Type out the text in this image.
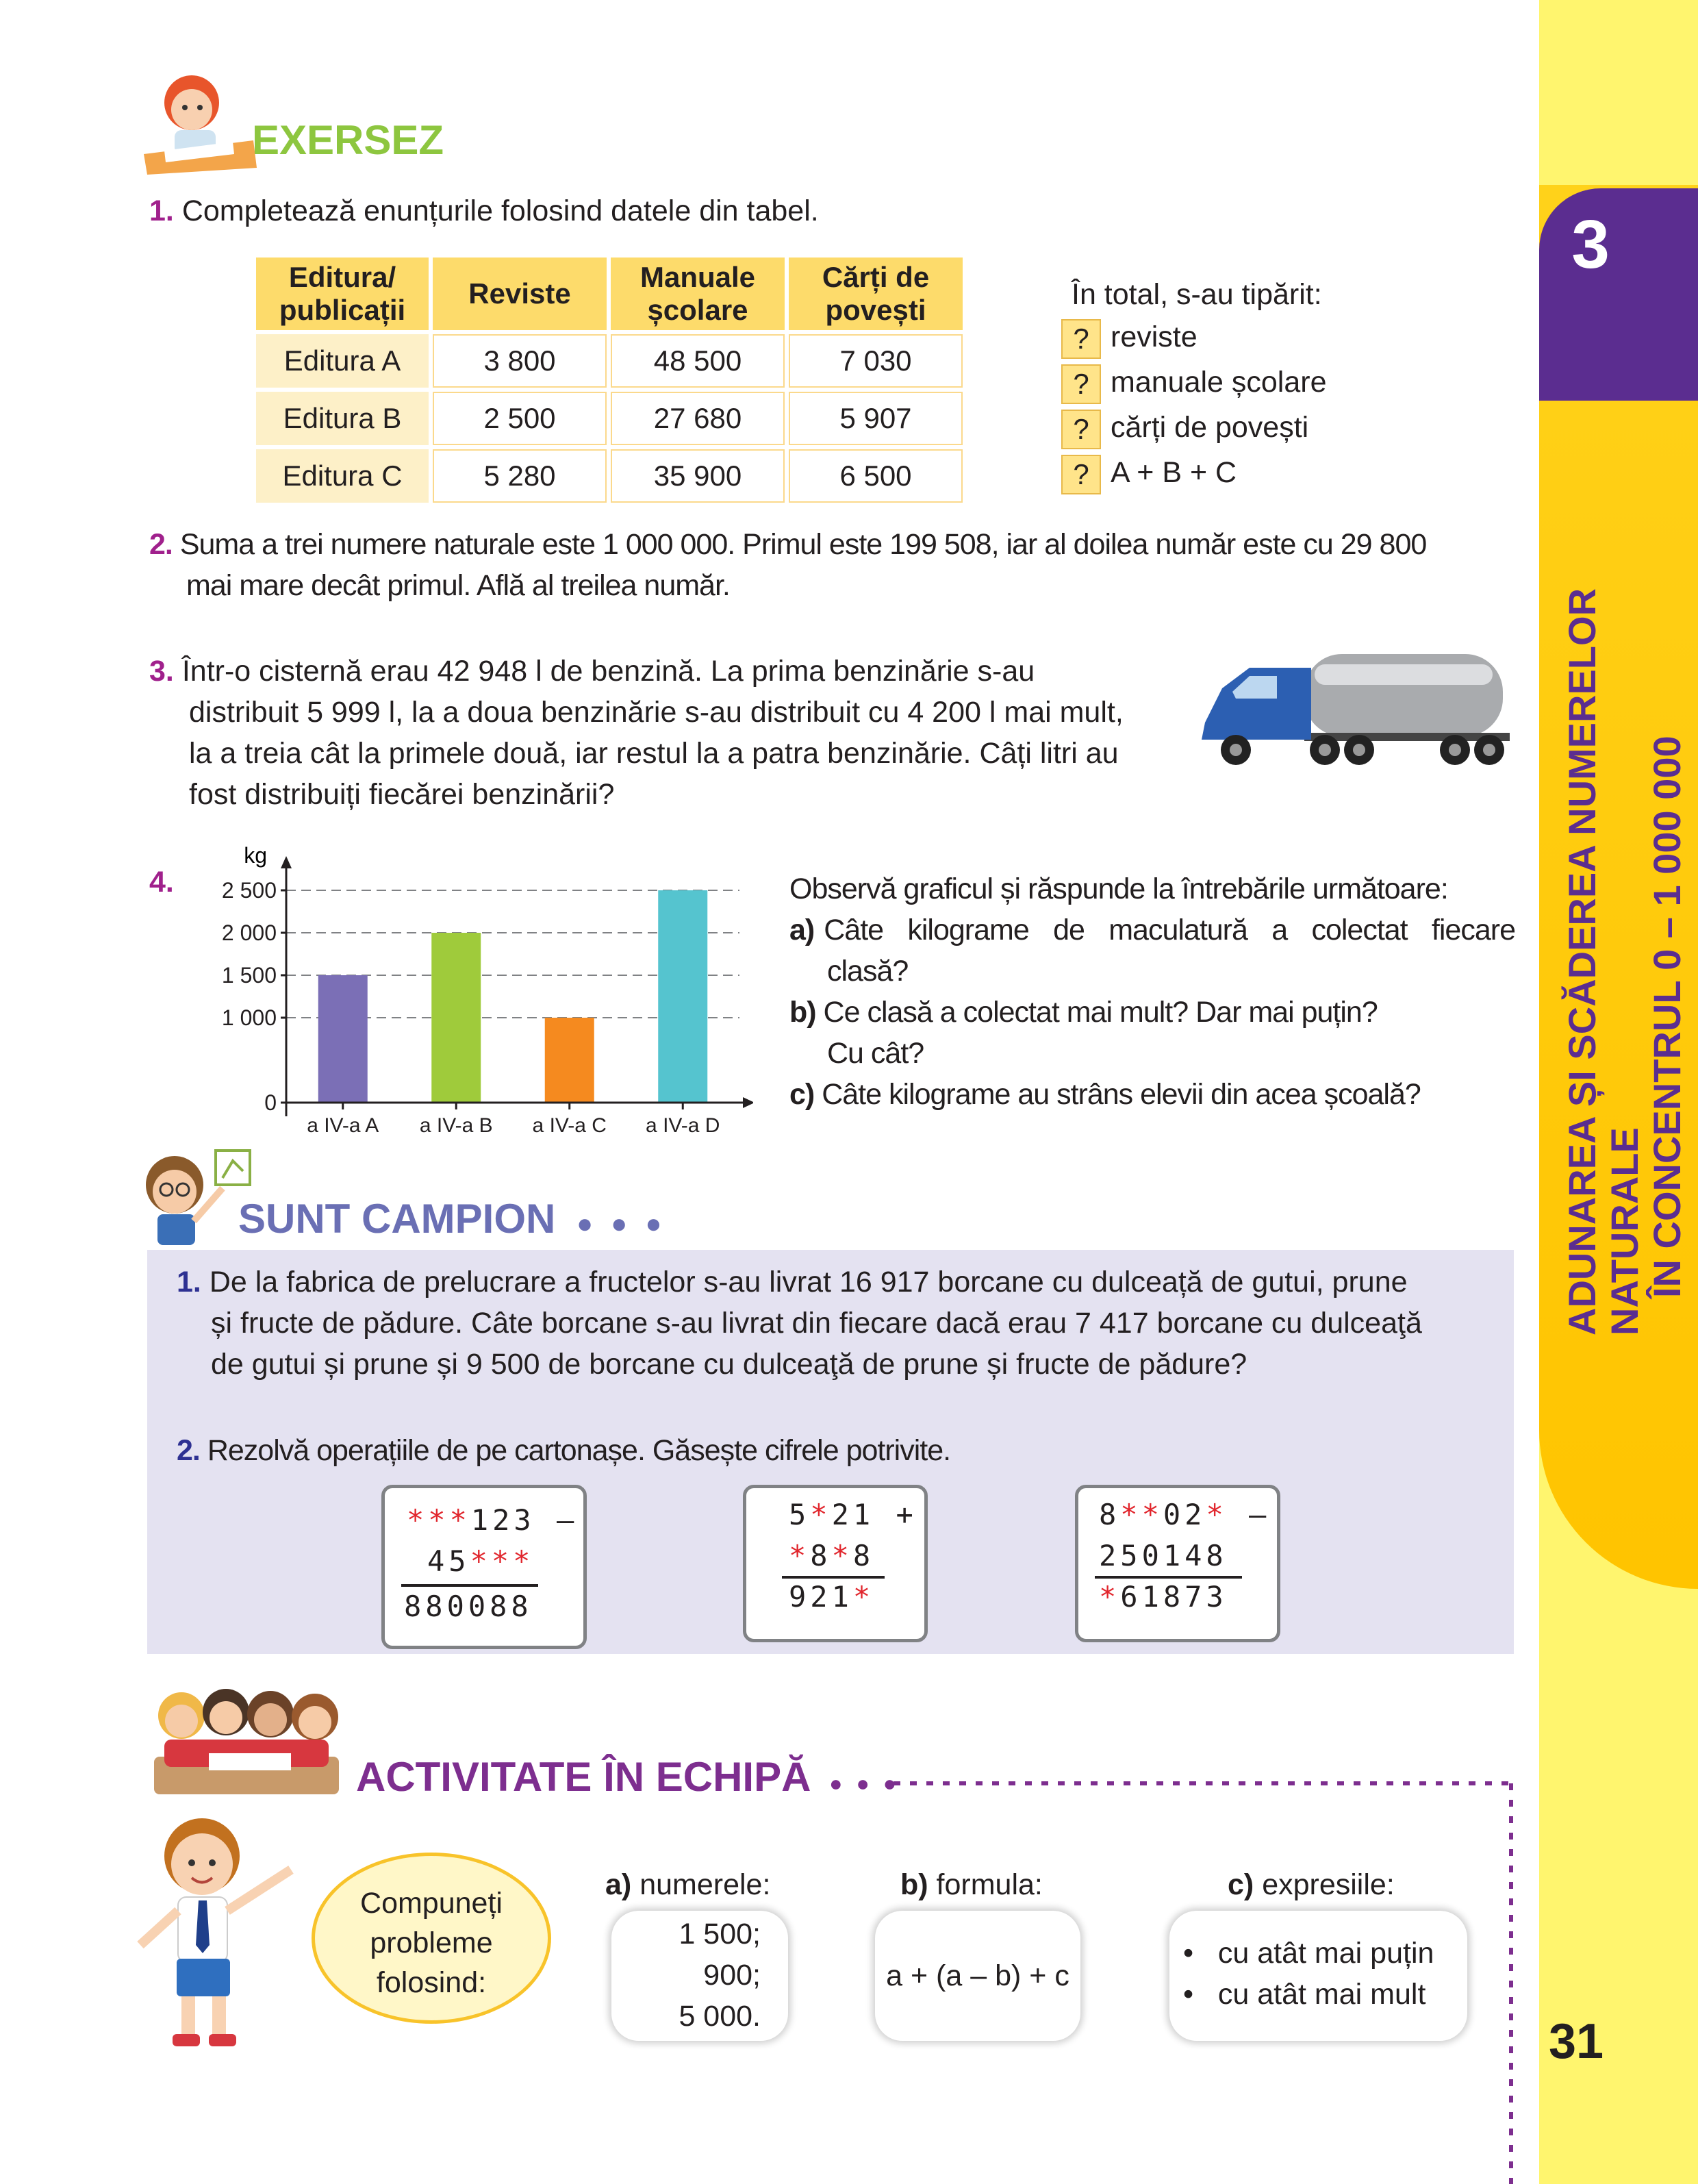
3
ADUNAREA ȘI SCĂDEREA NUMERELOR NATURALE ÎN CONCENTRUL 0 – 1 000 000
31
EXERSEZ
1. Completează enunțurile folosind datele din tabel.
Editura/ publicații	Reviste	Manuale școlare	Cărți de povești
Editura A	3 800	48 500	7 030
Editura B	2 500	27 680	5 907
Editura C	5 280	35 900	6 500
În total, s-au tipărit:
? reviste
? manuale școlare
? cărți de povești
? A + B + C
2. Suma a trei numere naturale este 1 000 000. Primul este 199 508, iar al doilea număr este cu 29 800
mai mare decât primul. Află al treilea număr.
3. Într-o cisternă erau 42 948 l de benzină. La prima benzinărie s-au
distribuit 5 999 l, la a doua benzinărie s-au distribuit cu 4 200 l mai mult,
la a treia cât la primele două, iar restul la a patra benzinărie. Câți litri au
fost distribuiți fiecărei benzinării?
4.
kg
0
1 000
1 500
2 000
2 500
a IV-a A a IV-a B a IV-a C a IV-a D
Observă graficul și răspunde la întrebările următoare:
a) Câte kilograme de maculatură a colectat fiecare
clasă?
b) Ce clasă a colectat mai mult? Dar mai puțin?
Cu cât?
c) Câte kilograme au strâns elevii din acea școală?
SUNT CAMPION ●●●
1. De la fabrica de prelucrare a fructelor s-au livrat 16 917 borcane cu dulceață de gutui, prune
și fructe de pădure. Câte borcane s-au livrat din fiecare dacă erau 7 417 borcane cu dulceaţă
de gutui și prune și 9 500 de borcane cu dulceaţă de prune și fructe de pădure?
2. Rezolvă operațiile de pe cartonașe. Găsește cifrele potrivite.
***123 –
45***
880088
5*21 +
*8*8
921*
8**02* –
250148
*61873
ACTIVITATE ÎN ECHIPĂ ●●●
Compuneți
probleme
folosind:
a) numerele:
1 500;
900;
5 000.
b) formula:
a + (a – b) + c
c) expresiile:
•   cu atât mai puțin
•   cu atât mai mult
